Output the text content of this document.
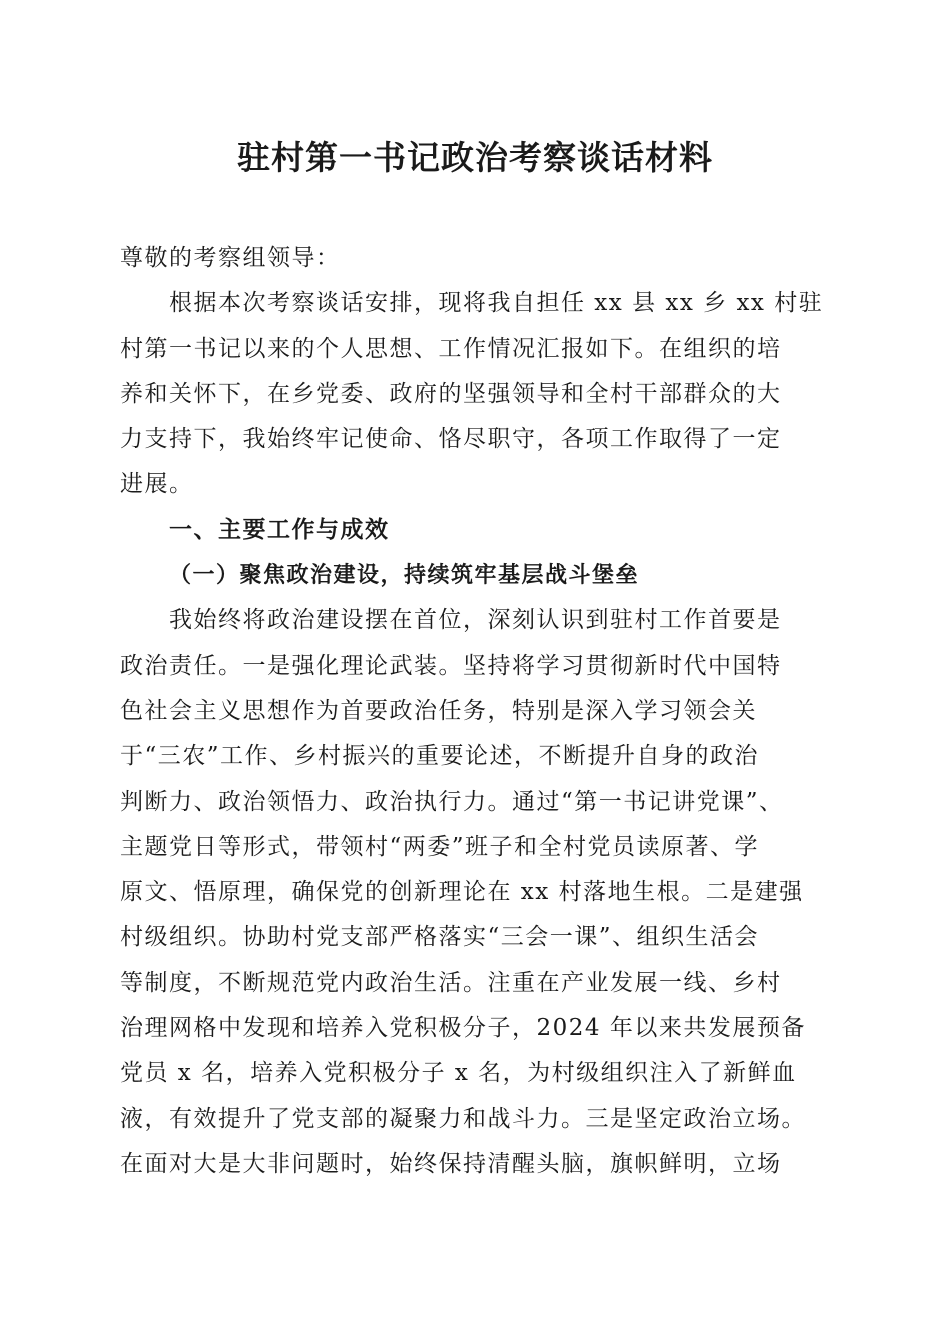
驻村第一书记政治考察谈话材料
尊敬的考察组领导：
根据本次考察谈话安排，现将我自担任 xx 县 xx 乡 xx 村驻
村第一书记以来的个人思想、工作情况汇报如下。在组织的培
养和关怀下，在乡党委、政府的坚强领导和全村干部群众的大
力支持下，我始终牢记使命、恪尽职守，各项工作取得了一定
进展。
一、主要工作与成效
（一）聚焦政治建设，持续筑牢基层战斗堡垒
我始终将政治建设摆在首位，深刻认识到驻村工作首要是
政治责任。一是强化理论武装。坚持将学习贯彻新时代中国特
色社会主义思想作为首要政治任务，特别是深入学习领会关
于“三农”工作、乡村振兴的重要论述，不断提升自身的政治
判断力、政治领悟力、政治执行力。通过“第一书记讲党课”、
主题党日等形式，带领村“两委”班子和全村党员读原著、学
原文、悟原理，确保党的创新理论在 xx 村落地生根。二是建强
村级组织。协助村党支部严格落实“三会一课”、组织生活会
等制度，不断规范党内政治生活。注重在产业发展一线、乡村
治理网格中发现和培养入党积极分子，2024 年以来共发展预备
党员 x 名，培养入党积极分子 x 名，为村级组织注入了新鲜血
液，有效提升了党支部的凝聚力和战斗力。三是坚定政治立场。
在面对大是大非问题时，始终保持清醒头脑，旗帜鲜明，立场
